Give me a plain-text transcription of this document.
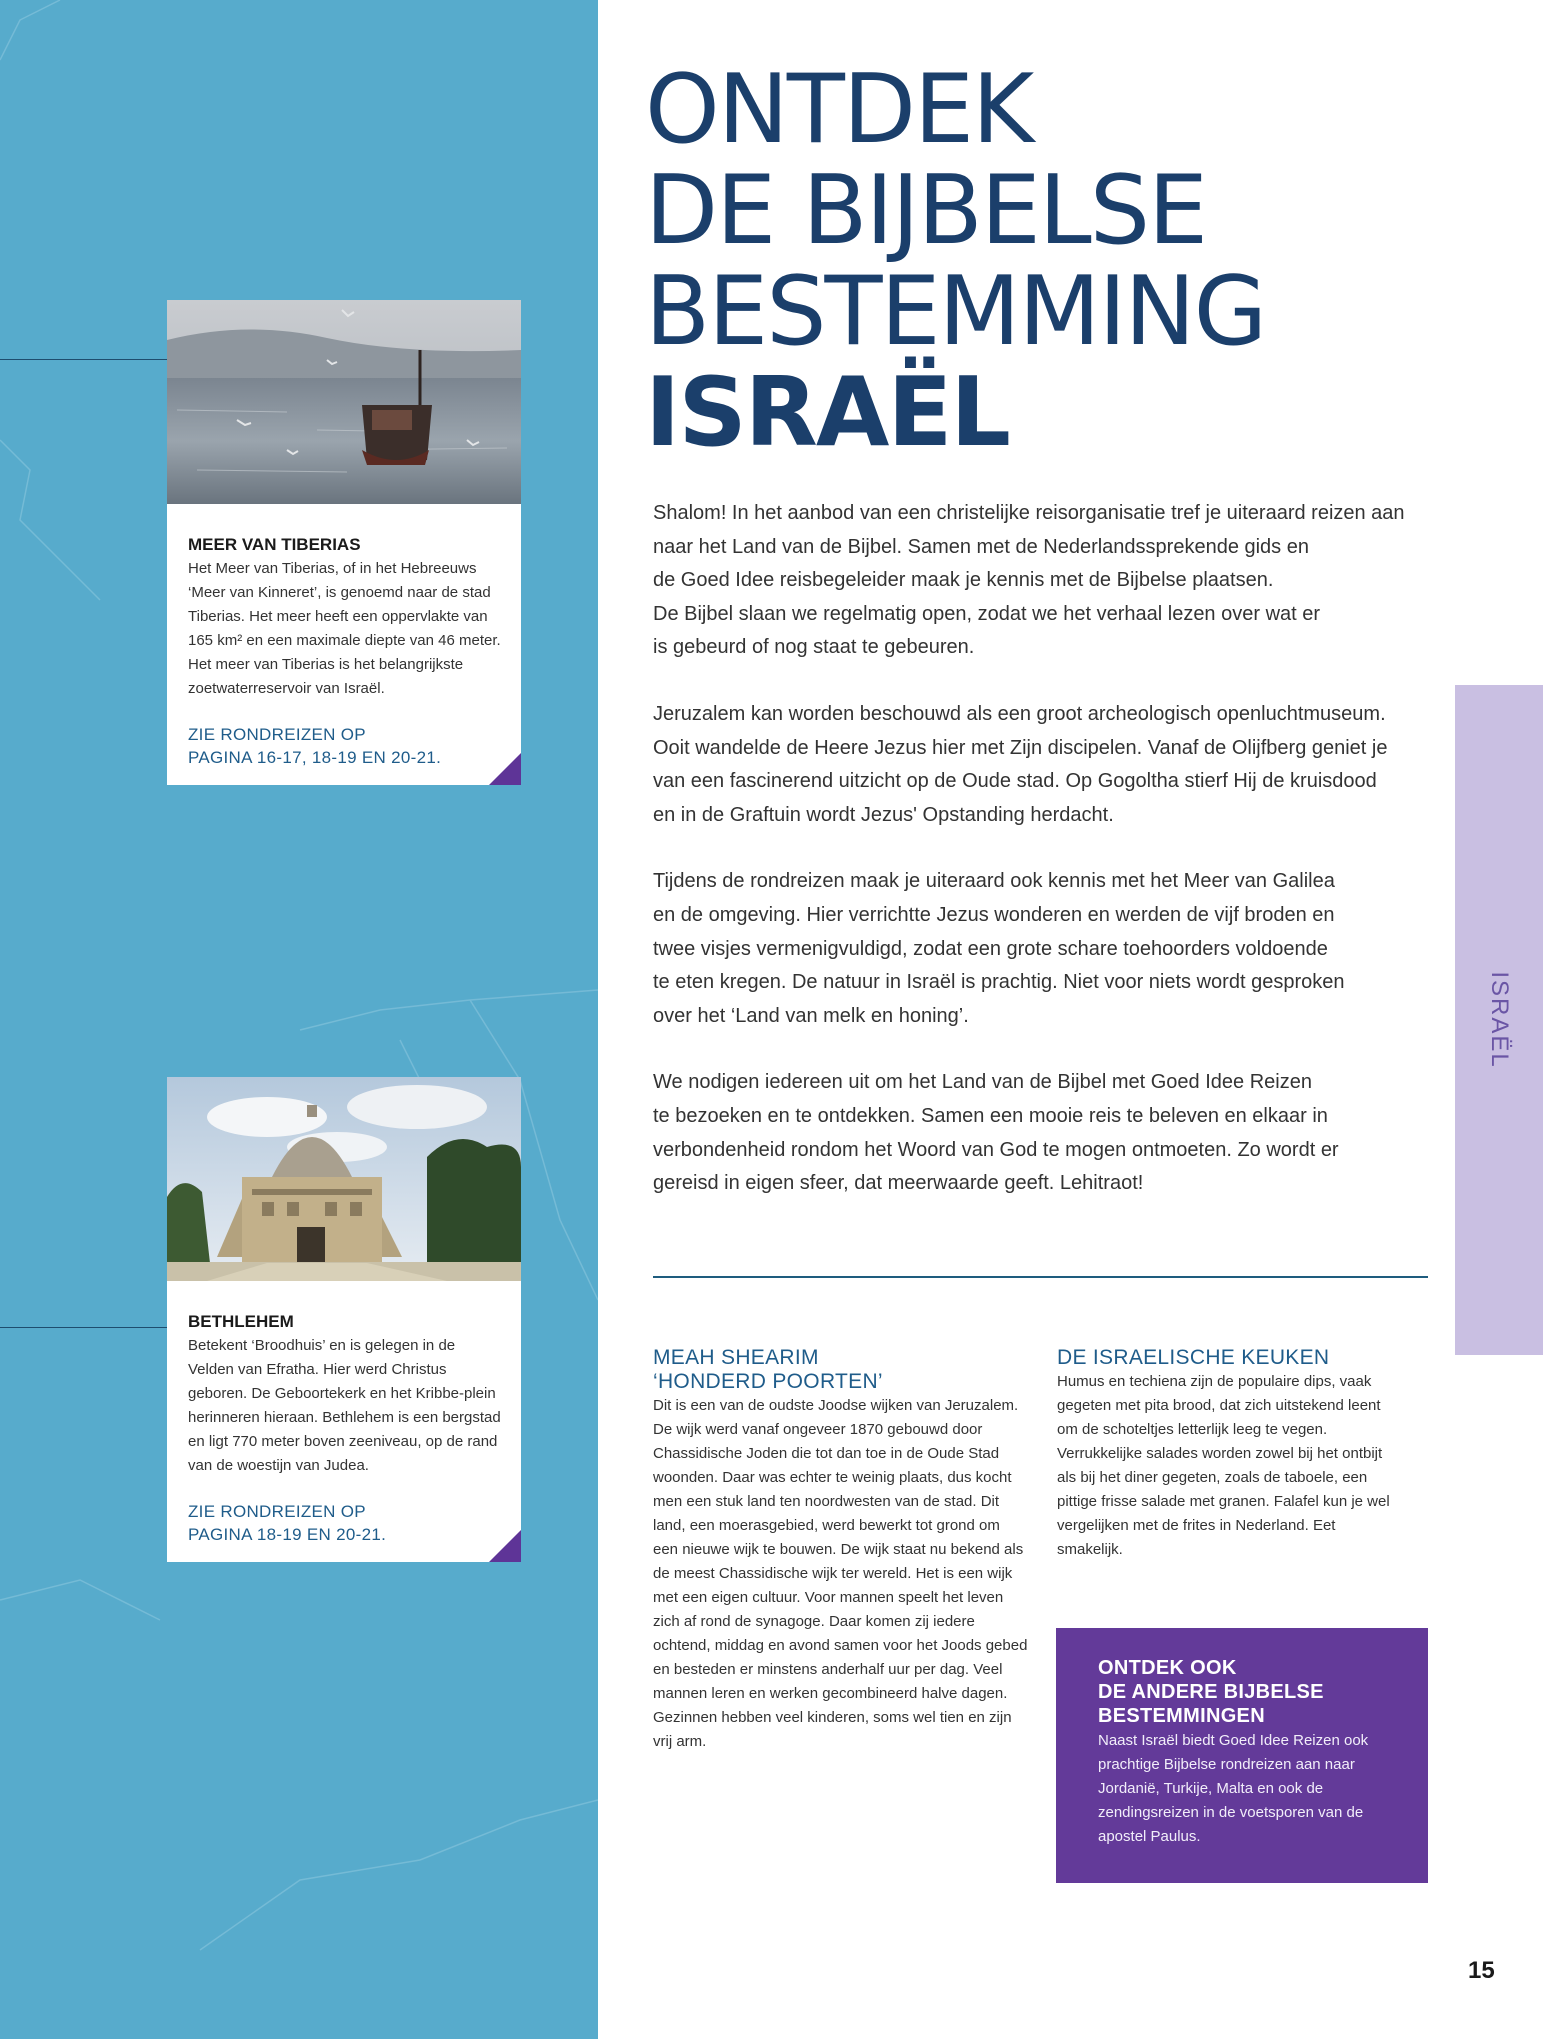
MEER VAN TIBERIAS
Het Meer van Tiberias, of in het Hebreeuws ‘Meer van Kinneret’, is genoemd naar de stad Tiberias. Het meer heeft een oppervlakte van 165 km² en een maximale diepte van 46 meter. Het meer van Tiberias is het belangrijkste zoetwaterreservoir van Israël.
ZIE RONDREIZEN OP
PAGINA 16-17, 18-19 EN 20-21.
BETHLEHEM
Betekent ‘Broodhuis’ en is gelegen in de Velden van Efratha. Hier werd Christus geboren. De Geboortekerk en het Kribbe-plein herinneren hieraan. Bethlehem is een bergstad en ligt 770 meter boven zeeniveau, op de rand van de woestijn van Judea.
ZIE RONDREIZEN OP
PAGINA 18-19 EN 20-21.
ONTDEK
DE BIJBELSE
BESTEMMING
ISRAËL

Shalom! In het aanbod van een christelijke reisorganisatie tref je uiteraard reizen aan
naar het Land van de Bijbel. Samen met de Nederlandssprekende gids en
de Goed Idee reisbegeleider maak je kennis met de Bijbelse plaatsen.
De Bijbel slaan we regelmatig open, zodat we het verhaal lezen over wat er
is gebeurd of nog staat te gebeuren.

Jeruzalem kan worden beschouwd als een groot archeologisch openluchtmuseum.
Ooit wandelde de Heere Jezus hier met Zijn discipelen. Vanaf de Olijfberg geniet je
van een fascinerend uitzicht op de Oude stad. Op Gogoltha stierf Hij de kruisdood
en in de Graftuin wordt Jezus' Opstanding herdacht.

Tijdens de rondreizen maak je uiteraard ook kennis met het Meer van Galilea
en de omgeving. Hier verrichtte Jezus wonderen en werden de vijf broden en
twee visjes vermenigvuldigd, zodat een grote schare toehoorders voldoende
te eten kregen. De natuur in Israël is prachtig. Niet voor niets wordt gesproken
over het ‘Land van melk en honing’.

We nodigen iedereen uit om het Land van de Bijbel met Goed Idee Reizen
te bezoeken en te ontdekken. Samen een mooie reis te beleven en elkaar in
verbondenheid rondom het Woord van God te mogen ontmoeten. Zo wordt er
gereisd in eigen sfeer, dat meerwaarde geeft. Lehitraot!

MEAH SHEARIM
‘HONDERD POORTEN’
Dit is een van de oudste Joodse wijken van Jeruzalem. De wijk werd vanaf ongeveer 1870 gebouwd door Chassidische Joden die tot dan toe in de Oude Stad woonden. Daar was echter te weinig plaats, dus kocht men een stuk land ten noordwesten van de stad. Dit land, een moerasgebied, werd bewerkt tot grond om een nieuwe wijk te bouwen. De wijk staat nu bekend als de meest Chassidische wijk ter wereld. Het is een wijk met een eigen cultuur. Voor mannen speelt het leven zich af rond de synagoge. Daar komen zij iedere ochtend, middag en avond samen voor het Joods gebed en besteden er minstens anderhalf uur per dag. Veel mannen leren en werken gecombineerd halve dagen. Gezinnen hebben veel kinderen, soms wel tien en zijn vrij arm.
DE ISRAELISCHE KEUKEN
Humus en techiena zijn de populaire dips, vaak gegeten met pita brood, dat zich uitstekend leent om de schoteltjes letterlijk leeg te vegen. Verrukkelijke salades worden zowel bij het ontbijt als bij het diner gegeten, zoals de taboele, een pittige frisse salade met granen. Falafel kun je wel vergelijken met de frites in Nederland. Eet smakelijk.
ONTDEK OOK
DE ANDERE BIJBELSE
BESTEMMINGEN
Naast Israël biedt Goed Idee Reizen ook prachtige Bijbelse rondreizen aan naar Jordanië, Turkije, Malta en ook de zendingsreizen in de voetsporen van de apostel Paulus.
ISRAËL
15
